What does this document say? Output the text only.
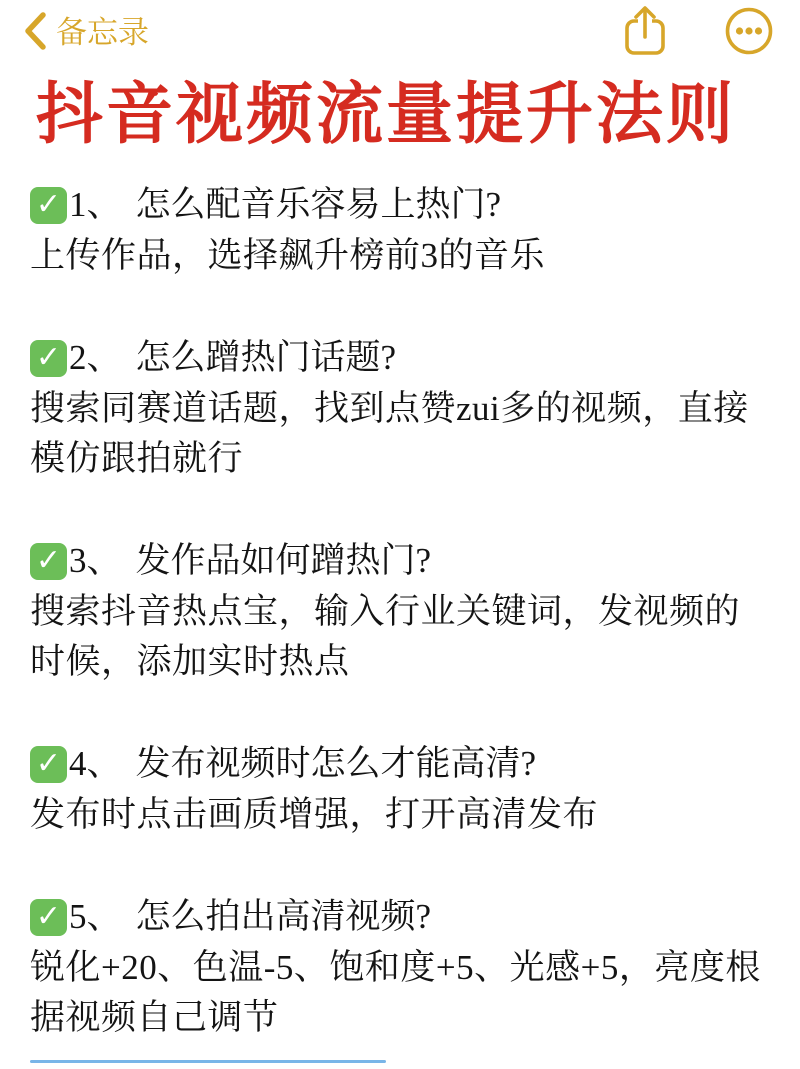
备忘录
抖音视频流量提升法则
✓ 1、 怎么配音乐容易上热门?
上传作品，选择飙升榜前3的音乐
✓ 2、 怎么蹭热门话题?
搜索同赛道话题，找到点赞zui多的视频，直接模仿跟拍就行
✓ 3、 发作品如何蹭热门?
搜索抖音热点宝，输入行业关键词，发视频的时候，添加实时热点
✓ 4、 发布视频时怎么才能高清?
发布时点击画质增强，打开高清发布
✓ 5、 怎么拍出高清视频?
锐化+20、色温-5、饱和度+5、光感+5，亮度根据视频自己调节
